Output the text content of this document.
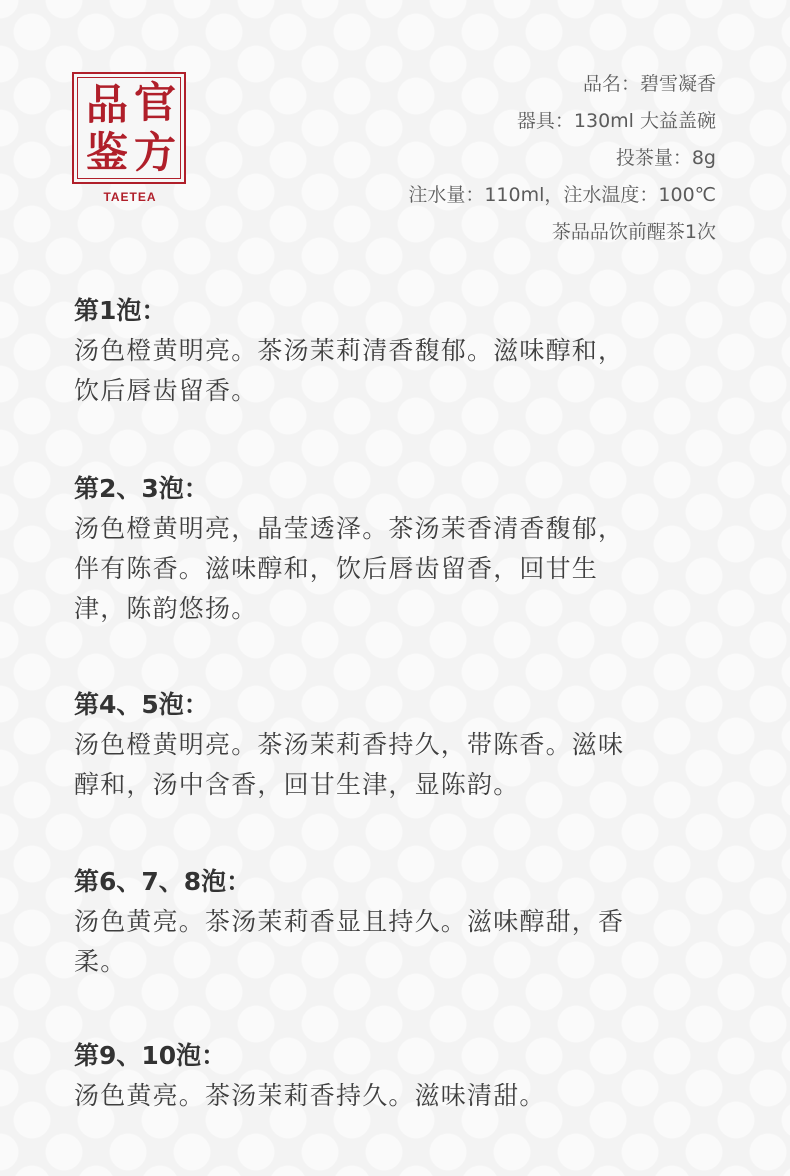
品 官
鉴 方
TAETEA
品名：碧雪凝香
器具：130ml 大益盖碗
投茶量：8g
注水量：110ml，注水温度：100℃
茶品品饮前醒茶1次
第1泡：
汤色橙黄明亮。茶汤茉莉清香馥郁。滋味醇和，
饮后唇齿留香。
第2、3泡：
汤色橙黄明亮，晶莹透泽。茶汤茉香清香馥郁，
伴有陈香。滋味醇和，饮后唇齿留香，回甘生
津，陈韵悠扬。
第4、5泡：
汤色橙黄明亮。茶汤茉莉香持久，带陈香。滋味
醇和，汤中含香，回甘生津，显陈韵。
第6、7、8泡：
汤色黄亮。茶汤茉莉香显且持久。滋味醇甜，香
柔。
第9、10泡：
汤色黄亮。茶汤茉莉香持久。滋味清甜。
